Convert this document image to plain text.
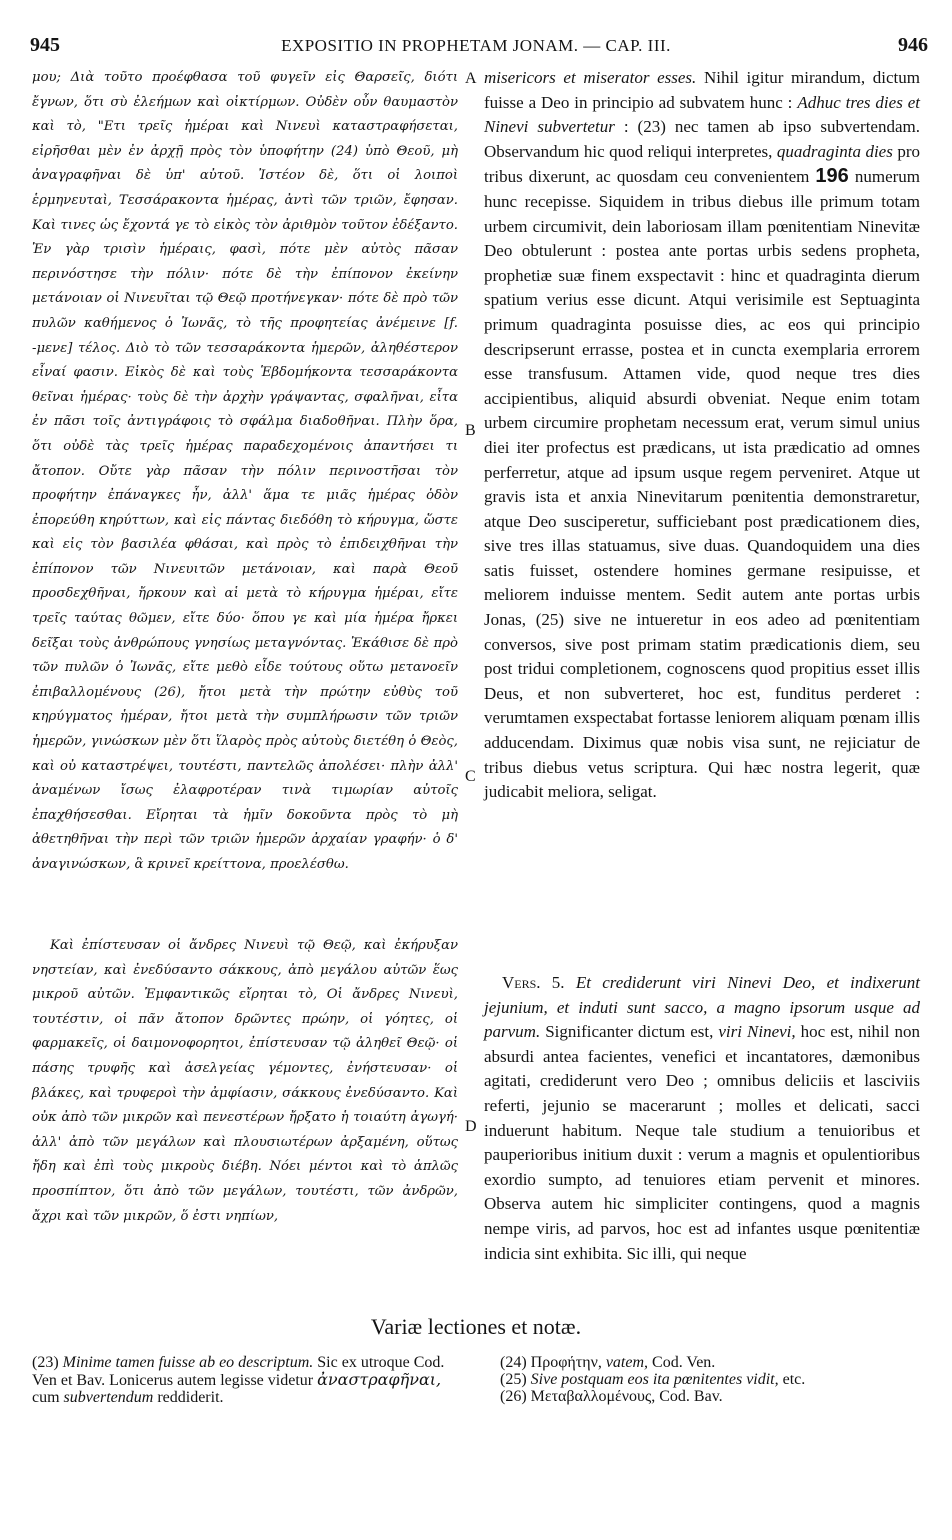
945	EXPOSITIO IN PROPHETAM JONAM. — CAP. III.	946
A
B
C
D

μου; Διὰ τοῦτο προέφθασα τοῦ φυγεῖν εἰς Θαρσεῖς, διότι ἔγνων, ὅτι σὺ ἐλεήμων καὶ οἰκτίρμων. Οὐδὲν οὖν θαυμαστὸν καὶ τὸ, "Ετι τρεῖς ἡμέραι καὶ Νινευὶ καταστραφήσεται, εἰρῆσθαι μὲν ἐν ἀρχῇ πρὸς τὸν ὑποφήτην (24) ὑπὸ Θεοῦ, μὴ ἀναγραφῆναι δὲ ὑπ' αὐτοῦ. Ἰστέον δὲ, ὅτι οἱ λοιποὶ ἑρμηνευταὶ, Τεσσάρακοντα ἡμέρας, ἀντὶ τῶν τριῶν, ἔφησαν. Καὶ τινες ὡς ἔχοντά γε τὸ εἰκὸς τὸν ἀριθμὸν τοῦτον ἐδέξαντο. Ἐν γὰρ τρισὶν ἡμέραις, φασὶ, πότε μὲν αὐτὸς πᾶσαν περινόστησε τὴν πόλιν· πότε δὲ τὴν ἐπίπονον ἐκείνην μετάνοιαν οἱ Νινευῖται τῷ Θεῷ προτήνεγκαν· πότε δὲ πρὸ τῶν πυλῶν καθήμενος ὁ Ἰωνᾶς, τὸ τῆς προφητείας ἀνέμεινε [f. -μενε] τέλος. Διὸ τὸ τῶν τεσσαράκοντα ἡμερῶν, ἀληθέστερον εἶναί φασιν. Εἰκὸς δὲ καὶ τοὺς Ἑβδομήκοντα τεσσαράκοντα θεῖναι ἡμέρας· τοὺς δὲ τὴν ἀρχὴν γράψαντας, σφαλῆναι, εἶτα ἐν πᾶσι τοῖς ἀντιγράφοις τὸ σφάλμα διαδοθῆναι. Πλὴν ὅρα, ὅτι οὐδὲ τὰς τρεῖς ἡμέρας παραδεχομένοις ἀπαντήσει τι ἄτοπον. Οὔτε γὰρ πᾶσαν τὴν πόλιν περινοστῆσαι τὸν προφήτην ἐπάναγκες ἦν, ἀλλ' ἅμα τε μιᾶς ἡμέρας ὁδὸν ἐπορεύθη κηρύττων, καὶ εἰς πάντας διεδόθη τὸ κήρυγμα, ὥστε καὶ εἰς τὸν βασιλέα φθάσαι, καὶ πρὸς τὸ ἐπιδειχθῆναι τὴν ἐπίπονον τῶν Νινευιτῶν μετάνοιαν, καὶ παρὰ Θεοῦ προσδεχθῆναι, ἤρκουν καὶ αἱ μετὰ τὸ κήρυγμα ἡμέραι, εἴτε τρεῖς ταύτας θῶμεν, εἴτε δύο· ὅπου γε καὶ μία ἡμέρα ἤρκει δεῖξαι τοὺς ἀνθρώπους γνησίως μεταγνόντας. Ἐκάθισε δὲ πρὸ τῶν πυλῶν ὁ Ἰωνᾶς, εἴτε μεθὸ εἶδε τούτους οὕτω μετανοεῖν ἐπιβαλλομένους (26), ἤτοι μετὰ τὴν πρώτην εὐθὺς τοῦ κηρύγματος ἡμέραν, ἤτοι μετὰ τὴν συμπλήρωσιν τῶν τριῶν ἡμερῶν, γινώσκων μὲν ὅτι ἵλαρὸς πρὸς αὐτοὺς διετέθη ὁ Θεὸς, καὶ οὐ καταστρέψει, τουτέστι, παντελῶς ἀπολέσει· πλὴν ἀλλ' ἀναμένων ἴσως ἐλαφροτέραν τινὰ τιμωρίαν αὐτοῖς ἐπαχθήσεσθαι. Εἴρηται τὰ ἡμῖν δοκοῦντα πρὸς τὸ μὴ ἀθετηθῆναι τὴν περὶ τῶν τριῶν ἡμερῶν ἀρχαίαν γραφήν· ὁ δ' ἀναγινώσκων, ἃ κρινεῖ κρείττονα, προελέσθω.

Καὶ ἐπίστευσαν οἱ ἄνδρες Νινευὶ τῷ Θεῷ, καὶ ἐκήρυξαν νηστείαν, καὶ ἐνεδύσαντο σάκκους, ἀπὸ μεγάλου αὐτῶν ἕως μικροῦ αὐτῶν. Ἐμφαντικῶς εἴρηται τὸ, Οἱ ἄνδρες Νινευὶ, τουτέστιν, οἱ πᾶν ἄτοπον δρῶντες πρώην, οἱ γόητες, οἱ φαρμακεῖς, οἱ δαιμονοφορητοι, ἐπίστευσαν τῷ ἀληθεῖ Θεῷ· οἱ πάσης τρυφῆς καὶ ἀσελγείας γέμοντες, ἐνήστευσαν· οἱ βλάκες, καὶ τρυφεροὶ τὴν ἀμφίασιν, σάκκους ἐνεδύσαντο. Καὶ οὐκ ἀπὸ τῶν μικρῶν καὶ πενεστέρων ἤρξατο ἡ τοιαύτη ἀγωγή· ἀλλ' ἀπὸ τῶν μεγάλων καὶ πλουσιωτέρων ἀρξαμένη, οὕτως ἤδη καὶ ἐπὶ τοὺς μικροὺς διέβη. Νόει μέντοι καὶ τὸ ἁπλῶς προσπίπτον, ὅτι ἀπὸ τῶν μεγάλων, τουτέστι, τῶν ἀνδρῶν, ἄχρι καὶ τῶν μικρῶν, ὅ ἐστι νηπίων,

misericors et miserator esses. Nihil igitur mirandum, dictum fuisse a Deo in principio ad subvatem hunc : Adhuc tres dies et Ninevi subvertetur : (23) nec tamen ab ipso subvertendam. Observandum hic quod reliqui interpretes, quadraginta dies pro tribus dixerunt, ac quosdam ceu convenientem 196 numerum hunc recepisse. Siquidem in tribus diebus ille primum totam urbem circumivit, dein laboriosam illam pœnitentiam Ninevitæ Deo obtulerunt : postea ante portas urbis sedens propheta, prophetiæ suæ finem exspectavit : hinc et quadraginta dierum spatium verius esse dicunt. Atqui verisimile est Septuaginta primum quadraginta posuisse dies, ac eos qui principio descripserunt errasse, postea et in cuncta exemplaria errorem esse transfusum. Attamen vide, quod neque tres dies accipientibus, aliquid absurdi obveniat. Neque enim totam urbem circumire prophetam necessum erat, verum simul unius diei iter profectus est prædicans, ut ista prædicatio ad omnes perferretur, atque ad ipsum usque regem perveniret. Atque ut gravis ista et anxia Ninevitarum pœnitentia demonstraretur, atque Deo susciperetur, sufficiebant post prædicationem dies, sive tres illas statuamus, sive duas. Quandoquidem una dies satis fuisset, ostendere homines germane resipuisse, et meliorem induisse mentem. Sedit autem ante portas urbis Jonas, (25) sive ne intueretur in eos adeo ad pœnitentiam conversos, sive post primam statim prædicationis diem, seu post tridui completionem, cognoscens quod propitius esset illis Deus, et non subverteret, hoc est, funditus perderet : verumtamen exspectabat fortasse leniorem aliquam pœnam illis adducendam. Diximus quæ nobis visa sunt, ne rejiciatur de tribus diebus vetus scriptura. Qui hæc nostra legerit, quæ judicabit meliora, seligat.

Vers. 5. Et crediderunt viri Ninevi Deo, et indixerunt jejunium, et induti sunt sacco, a magno ipsorum usque ad parvum. Significanter dictum est, viri Ninevi, hoc est, nihil non absurdi antea facientes, venefici et incantatores, dæmonibus agitati, crediderunt vero Deo ; omnibus deliciis et lasciviis referti, jejunio se macerarunt ; molles et delicati, sacci induerunt habitum. Neque tale studium a tenuioribus et pauperioribus initium duxit : verum a magnis et opulentioribus exordio sumpto, ad tenuiores etiam pervenit et minores. Observa autem hic simpliciter contingens, quod a magnis nempe viris, ad parvos, hoc est ad infantes usque pœnitentiæ indicia sint exhibita. Sic illi, qui neque

Variæ lectiones et notæ.

(23) Minime tamen fuisse ab eo descriptum. Sic ex utroque Cod. Ven et Bav. Lonicerus autem legisse videtur ἀναστραφῆναι, cum subvertendum reddiderit.

(24) Προφήτην, vatem, Cod. Ven.
(25) Sive postquam eos ita pœnitentes vidit, etc.
(26) Μεταβαλλομένους, Cod. Bav.
